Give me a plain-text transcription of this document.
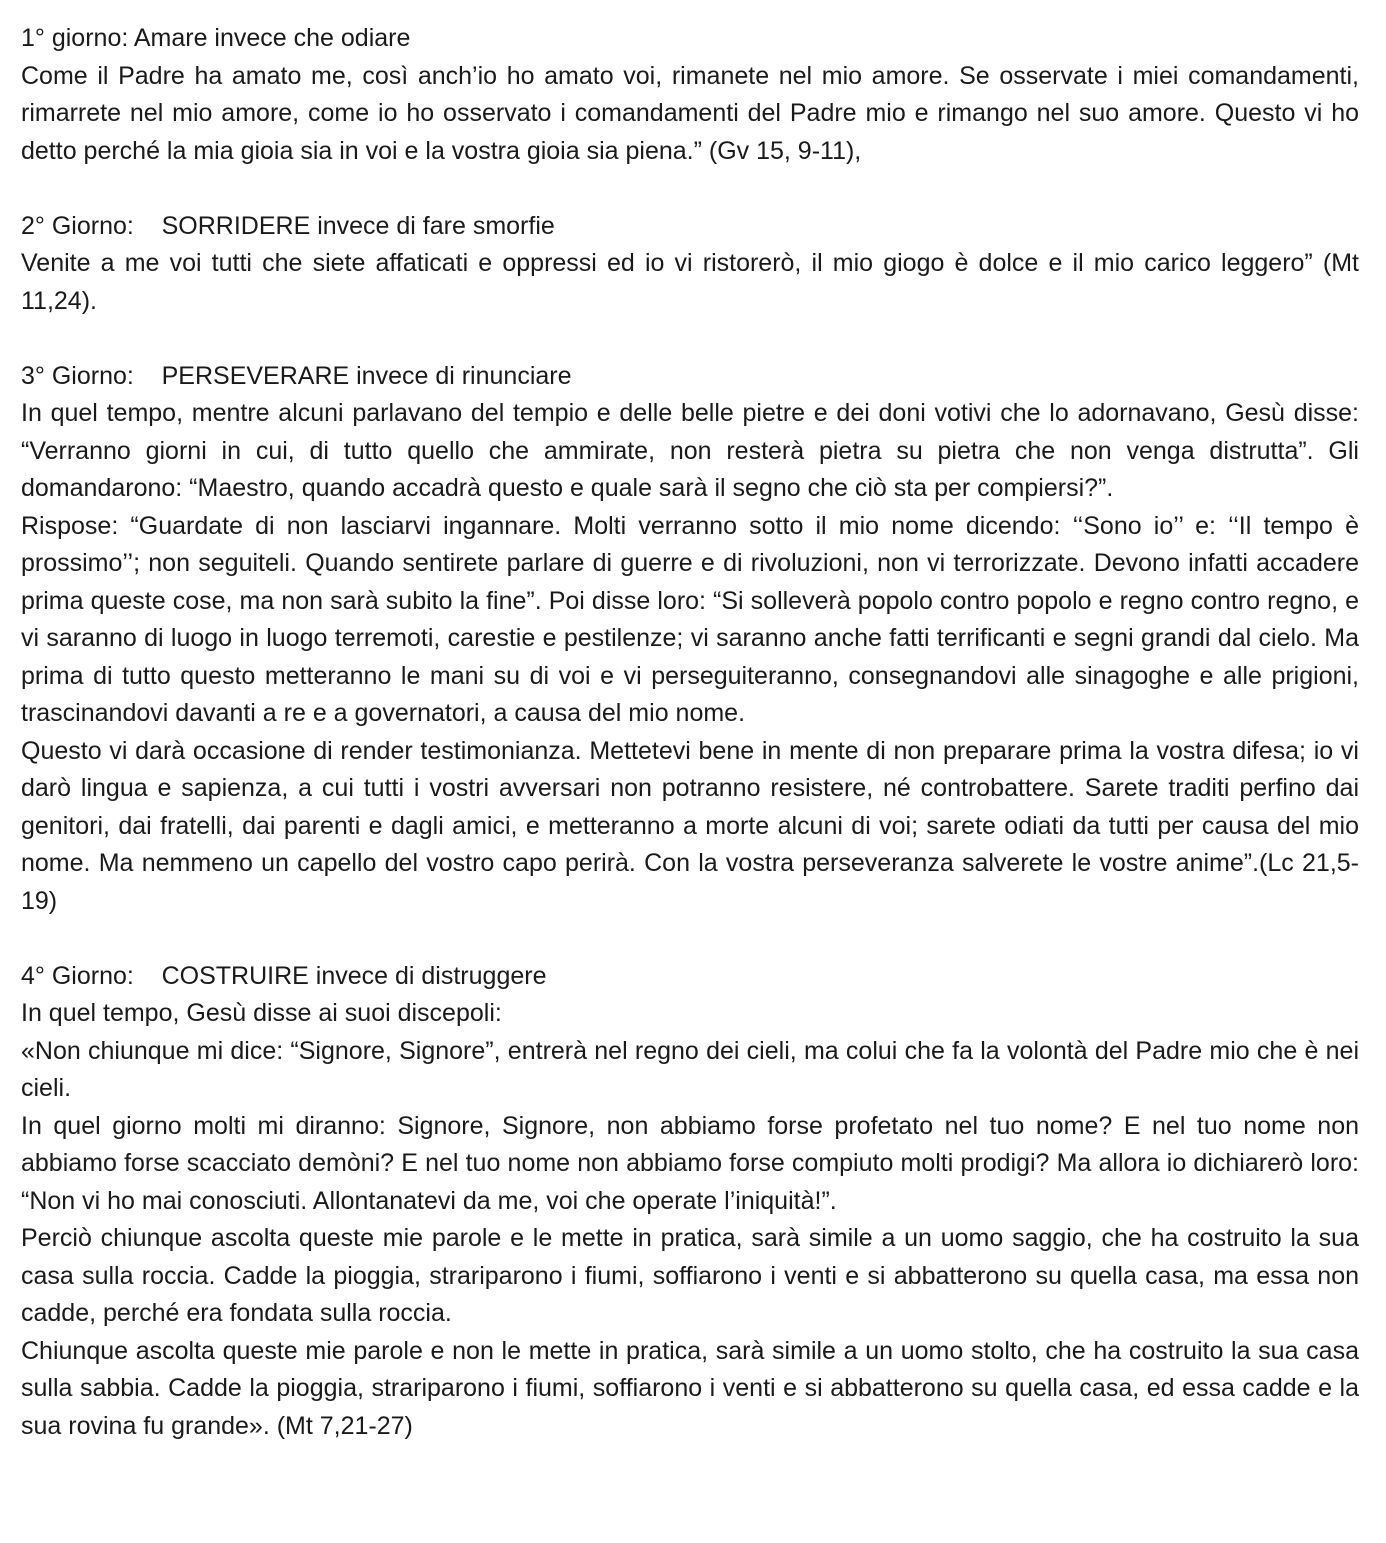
1° giorno: Amare invece che odiare

Come il Padre ha amato me, così anch’io ho amato voi, rimanete nel mio amore. Se osservate i miei comandamenti, rimarrete nel mio amore, come io ho osservato i comandamenti del Padre mio e rimango nel suo amore. Questo vi ho detto perché la mia gioia sia in voi e la vostra gioia sia piena.” (Gv 15, 9-11),

2° Giorno:    SORRIDERE invece di fare smorfie

Venite a me voi tutti che siete affaticati e oppressi ed io vi ristorerò, il mio giogo è dolce e il mio carico leggero” (Mt 11,24).

3° Giorno:    PERSEVERARE invece di rinunciare

In quel tempo, mentre alcuni parlavano del tempio e delle belle pietre e dei doni votivi che lo adornavano, Gesù disse: “Verranno giorni in cui, di tutto quello che ammirate, non resterà pietra su pietra che non venga distrutta”. Gli domandarono: “Maestro, quando accadrà questo e quale sarà il segno che ciò sta per compiersi?”.

Rispose: “Guardate di non lasciarvi ingannare. Molti verranno sotto il mio nome dicendo: ‘‘Sono io’’ e: ‘‘Il tempo è prossimo’’; non seguiteli. Quando sentirete parlare di guerre e di rivoluzioni, non vi terrorizzate. Devono infatti accadere prima queste cose, ma non sarà subito la fine”. Poi disse loro: “Si solleverà popolo contro popolo e regno contro regno, e vi saranno di luogo in luogo terremoti, carestie e pestilenze; vi saranno anche fatti terrificanti e segni grandi dal cielo. Ma prima di tutto questo metteranno le mani su di voi e vi perseguiteranno, consegnandovi alle sinagoghe e alle prigioni, trascinandovi davanti a re e a governatori, a causa del mio nome.

Questo vi darà occasione di render testimonianza. Mettetevi bene in mente di non preparare prima la vostra difesa; io vi darò lingua e sapienza, a cui tutti i vostri avversari non potranno resistere, né controbattere. Sarete traditi perfino dai genitori, dai fratelli, dai parenti e dagli amici, e metteranno a morte alcuni di voi; sarete odiati da tutti per causa del mio nome. Ma nemmeno un capello del vostro capo perirà. Con la vostra perseveranza salverete le vostre anime”.(Lc 21,5-19)

4° Giorno:    COSTRUIRE invece di distruggere

In quel tempo, Gesù disse ai suoi discepoli:

«Non chiunque mi dice: “Signore, Signore”, entrerà nel regno dei cieli, ma colui che fa la volontà del Padre mio che è nei cieli.

In quel giorno molti mi diranno: Signore, Signore, non abbiamo forse profetato nel tuo nome? E nel tuo nome non abbiamo forse scacciato demòni? E nel tuo nome non abbiamo forse compiuto molti prodigi? Ma allora io dichiarerò loro: “Non vi ho mai conosciuti. Allontanatevi da me, voi che operate l’iniquità!”.

Perciò chiunque ascolta queste mie parole e le mette in pratica, sarà simile a un uomo saggio, che ha costruito la sua casa sulla roccia. Cadde la pioggia, strariparono i fiumi, soffiarono i venti e si abbatterono su quella casa, ma essa non cadde, perché era fondata sulla roccia.

Chiunque ascolta queste mie parole e non le mette in pratica, sarà simile a un uomo stolto, che ha costruito la sua casa sulla sabbia. Cadde la pioggia, strariparono i fiumi, soffiarono i venti e si abbatterono su quella casa, ed essa cadde e la sua rovina fu grande». (Mt 7,21-27)
